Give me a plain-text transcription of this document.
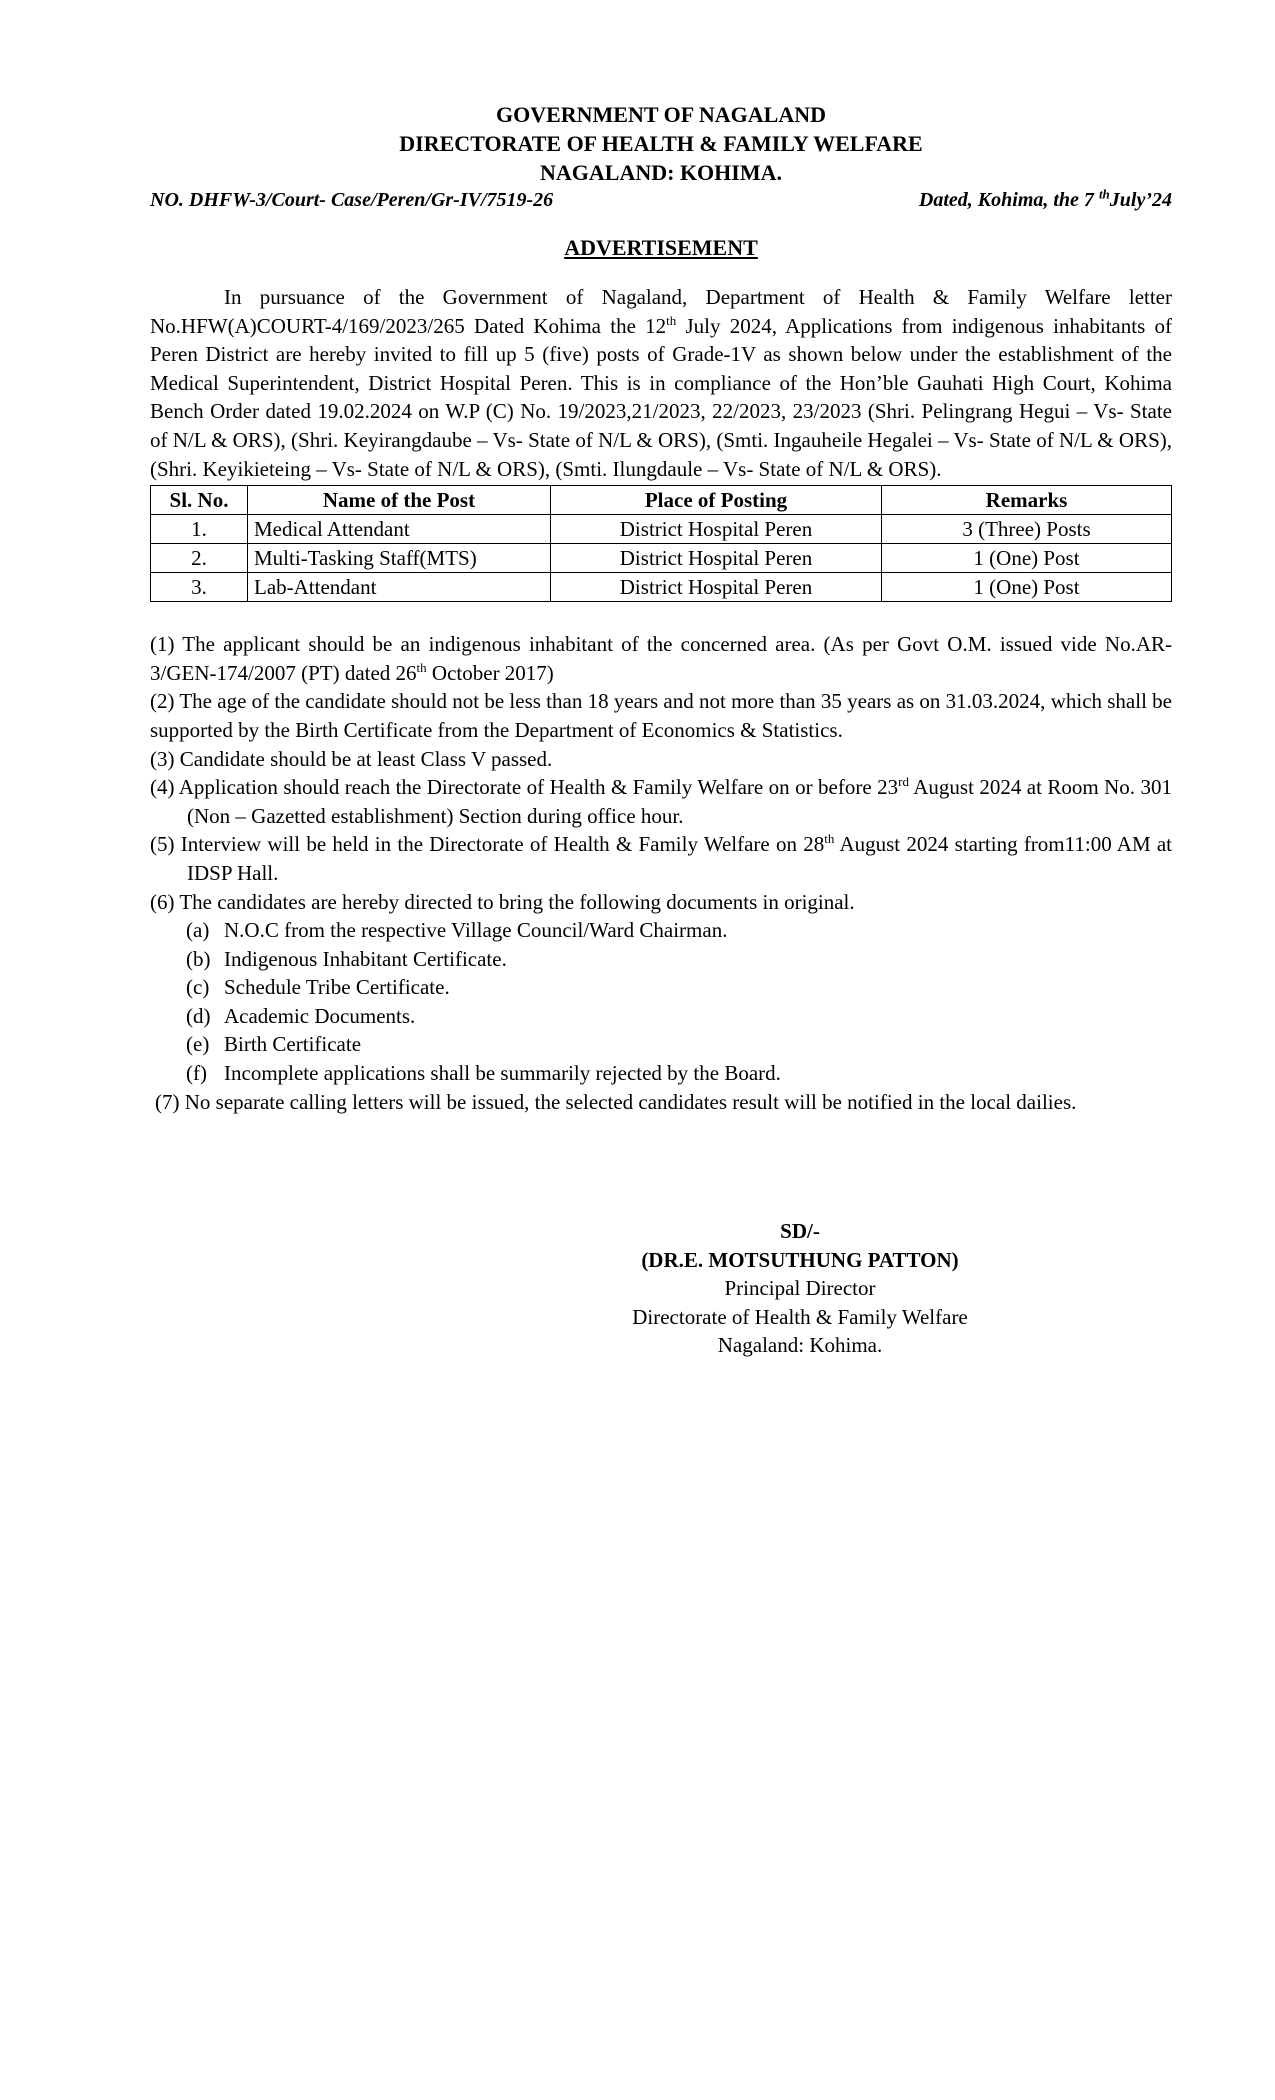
GOVERNMENT OF NAGALAND
DIRECTORATE OF HEALTH & FAMILY WELFARE
NAGALAND: KOHIMA.
NO. DHFW-3/Court- Case/Peren/Gr-IV/7519-26	Dated, Kohima, the 7 $^{th}$July’24
ADVERTISEMENT
In pursuance of the Government of Nagaland, Department of Health & Family Welfare letter No.HFW(A)COURT-4/169/2023/265 Dated Kohima the 12th July 2024, Applications from indigenous inhabitants of Peren District are hereby invited to fill up 5 (five) posts of Grade-1V as shown below under the establishment of the Medical Superintendent, District Hospital Peren. This is in compliance of the Hon’ble Gauhati High Court, Kohima Bench Order dated 19.02.2024 on W.P (C) No. 19/2023,21/2023, 22/2023, 23/2023 (Shri. Pelingrang Hegui – Vs- State of N/L & ORS), (Shri. Keyirangdaube – Vs- State of N/L & ORS), (Smti. Ingauheile Hegalei – Vs- State of N/L & ORS), (Shri. Keyikieteing – Vs- State of N/L & ORS), (Smti. Ilungdaule – Vs- State of N/L & ORS).
Sl. No.	Name of the Post	Place of Posting	Remarks
1.	Medical Attendant	District Hospital Peren	3 (Three) Posts
2.	Multi-Tasking Staff(MTS)	District Hospital Peren	1 (One) Post
3.	Lab-Attendant	District Hospital Peren	1 (One) Post
(1) The applicant should be an indigenous inhabitant of the concerned area. (As per Govt O.M. issued vide No.AR-3/GEN-174/2007 (PT) dated 26th October 2017)
(2) The age of the candidate should not be less than 18 years and not more than 35 years as on 31.03.2024, which shall be supported by the Birth Certificate from the Department of Economics & Statistics.
(3) Candidate should be at least Class V passed.
(4) Application should reach the Directorate of Health & Family Welfare on or before 23rd August 2024 at Room No. 301 (Non – Gazetted establishment) Section during office hour.
(5) Interview will be held in the Directorate of Health & Family Welfare on 28th August 2024 starting from11:00 AM at IDSP Hall.
(6) The candidates are hereby directed to bring the following documents in original.
(a) N.O.C from the respective Village Council/Ward Chairman.
(b) Indigenous Inhabitant Certificate.
(c) Schedule Tribe Certificate.
(d) Academic Documents.
(e) Birth Certificate
(f) Incomplete applications shall be summarily rejected by the Board.
(7) No separate calling letters will be issued, the selected candidates result will be notified in the local dailies.
SD/-
(DR.E. MOTSUTHUNG PATTON)
Principal Director
Directorate of Health & Family Welfare
Nagaland: Kohima.
